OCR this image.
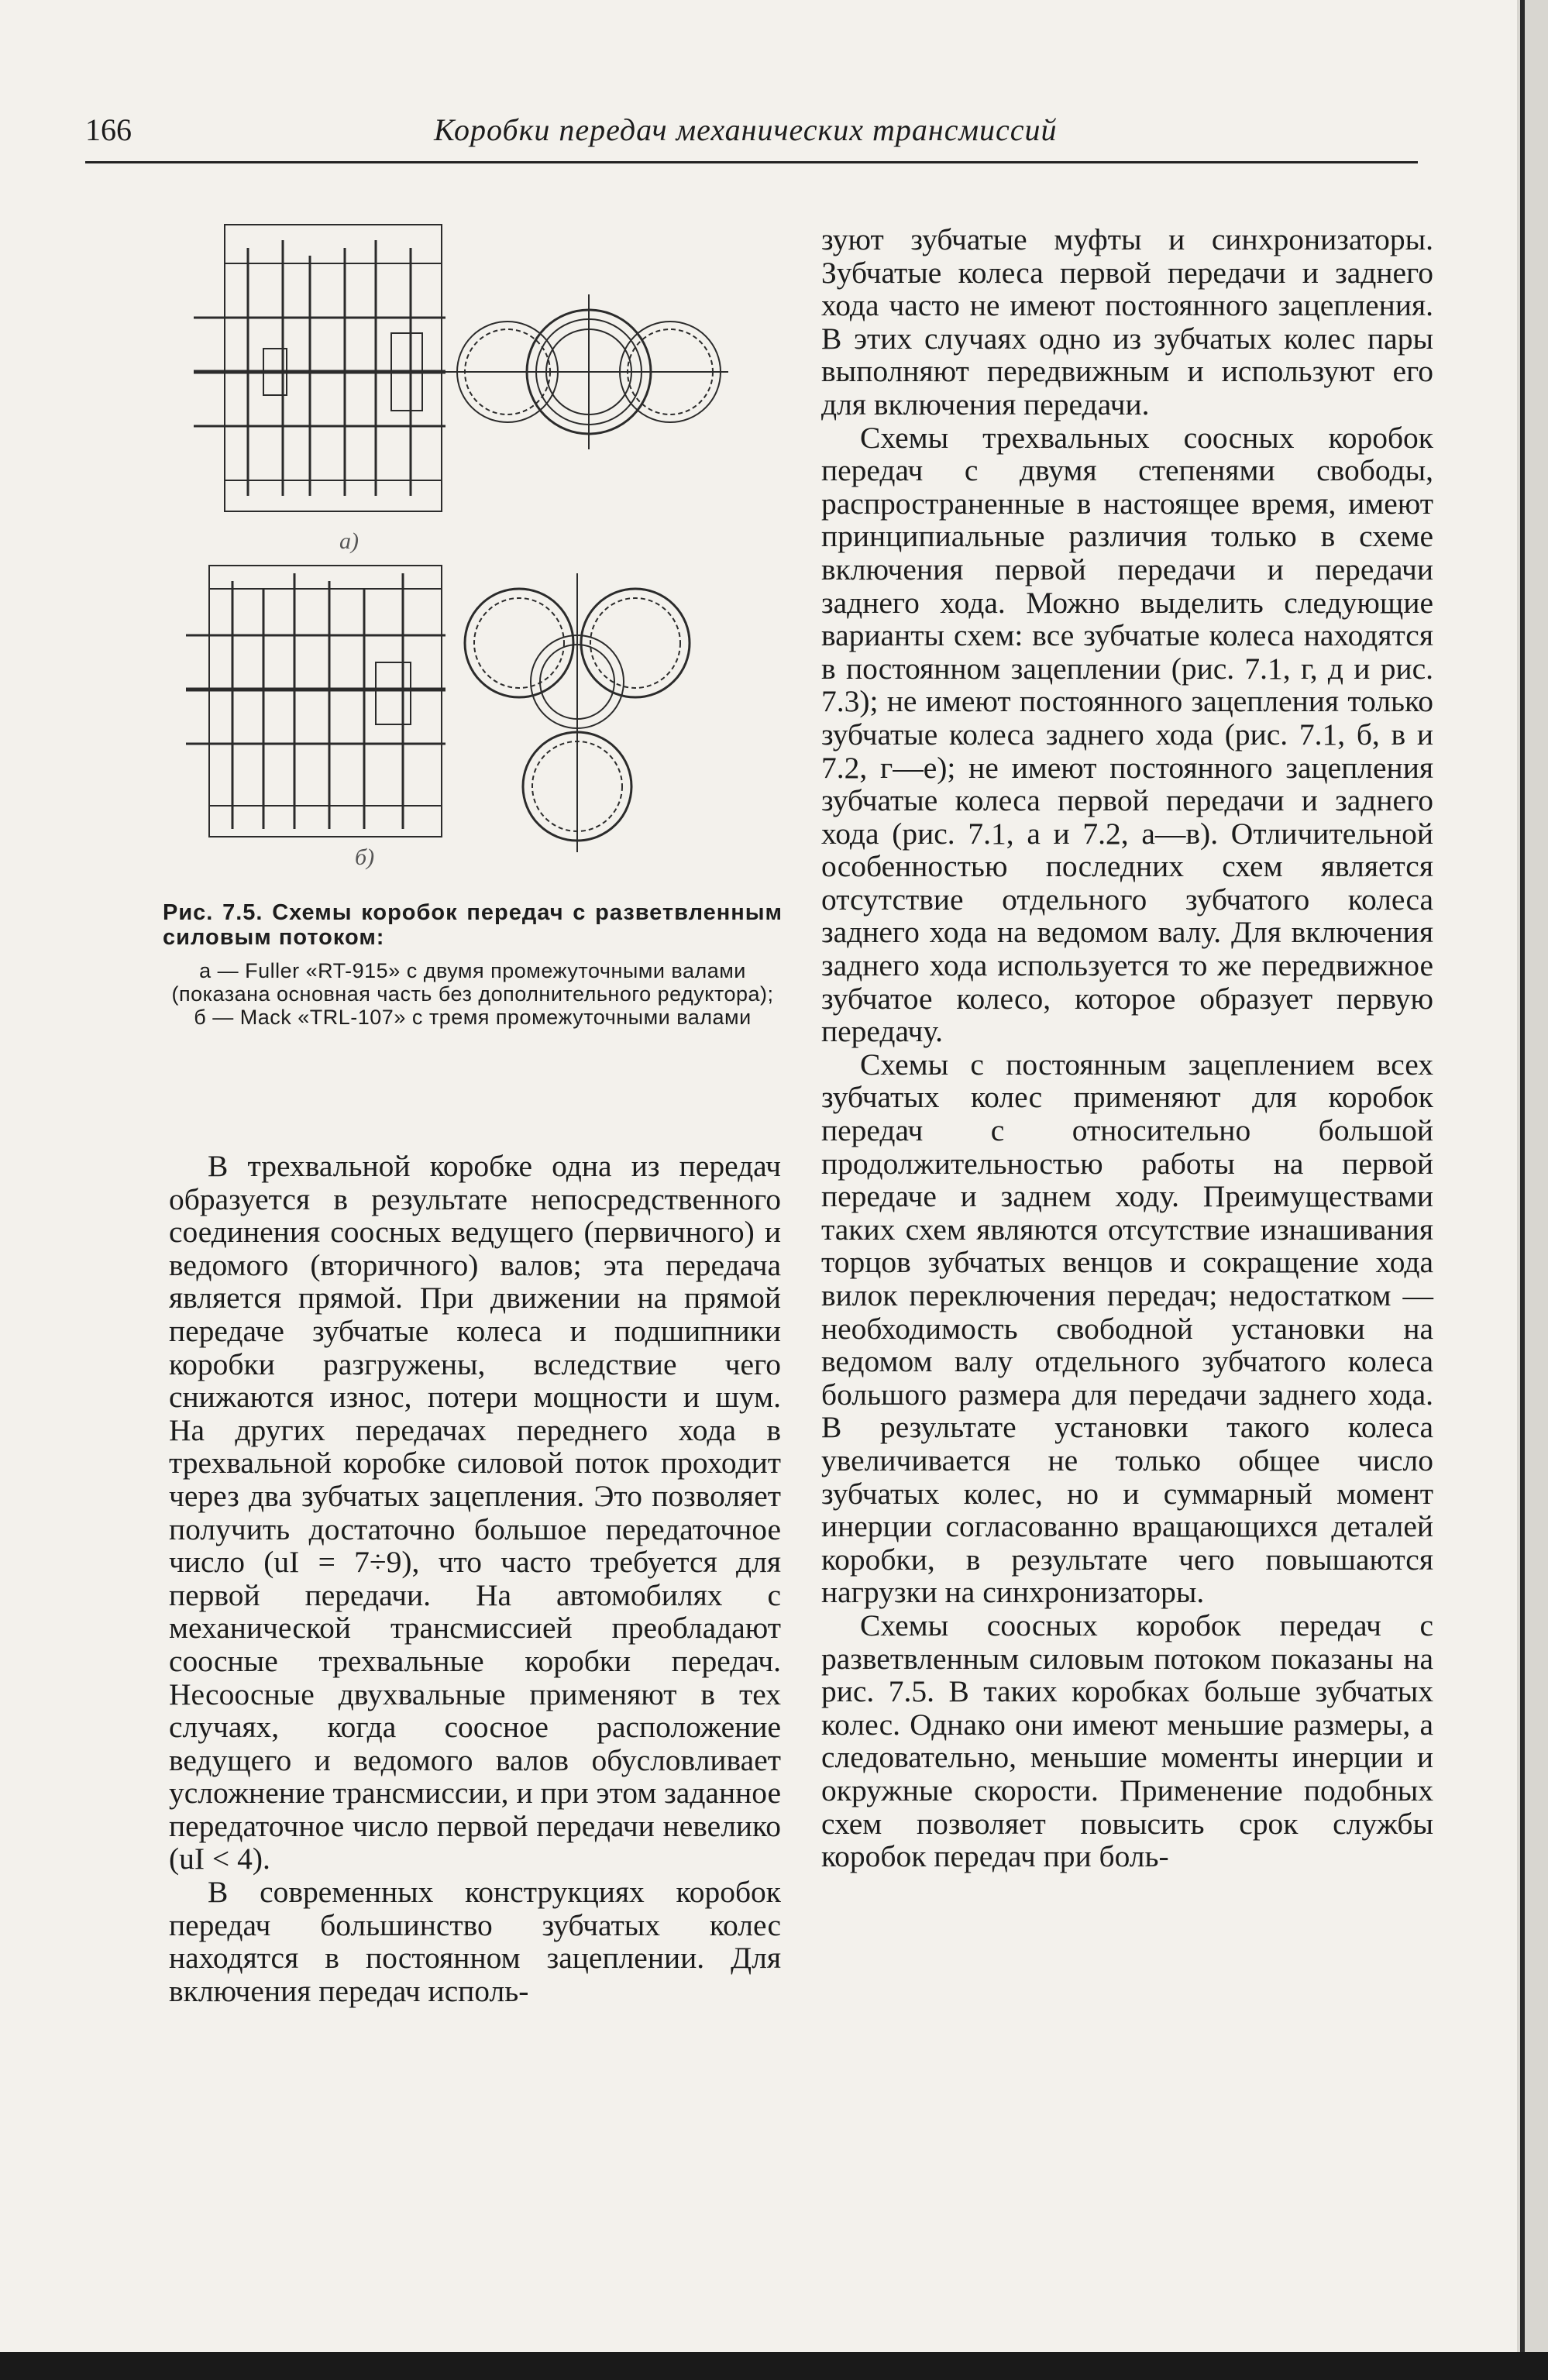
166	Коробки передач механических трансмиссий
а)
б)
Рис. 7.5. Схемы коробок передач с разветвленным силовым потоком:
а — Fuller «RT-915» с двумя промежуточными валами (показана основная часть без дополнительного редуктора); б — Mack «TRL-107» с тремя промежуточными валами

В трехвальной коробке одна из передач образуется в результате непосредственного соединения соосных ведущего (первичного) и ведомого (вторичного) валов; эта передача является прямой. При движении на прямой передаче зубчатые колеса и подшипники коробки разгружены, вследствие чего снижаются износ, потери мощности и шум. На других передачах переднего хода в трехвальной коробке силовой поток проходит через два зубчатых зацепления. Это позволяет получить достаточно большое передаточное число (uI = 7÷9), что часто требуется для первой передачи. На автомобилях с механической трансмиссией преобладают соосные трехвальные коробки передач. Несоосные двухвальные применяют в тех случаях, когда соосное расположение ведущего и ведомого валов обусловливает усложнение трансмиссии, и при этом заданное передаточное число первой передачи невелико (uI < 4).

В современных конструкциях коробок передач большинство зубчатых колес находятся в постоянном зацеплении. Для включения передач исполь-

зуют зубчатые муфты и синхронизаторы. Зубчатые колеса первой передачи и заднего хода часто не имеют постоянного зацепления. В этих случаях одно из зубчатых колес пары выполняют передвижным и используют его для включения передачи.

Схемы трехвальных соосных коробок передач с двумя степенями свободы, распространенные в настоящее время, имеют принципиальные различия только в схеме включения первой передачи и передачи заднего хода. Можно выделить следующие варианты схем: все зубчатые колеса находятся в постоянном зацеплении (рис. 7.1, г, д и рис. 7.3); не имеют постоянного зацепления только зубчатые колеса заднего хода (рис. 7.1, б, в и 7.2, г—е); не имеют постоянного зацепления зубчатые колеса первой передачи и заднего хода (рис. 7.1, а и 7.2, а—в). Отличительной особенностью последних схем является отсутствие отдельного зубчатого колеса заднего хода на ведомом валу. Для включения заднего хода используется то же передвижное зубчатое колесо, которое образует первую передачу.

Схемы с постоянным зацеплением всех зубчатых колес применяют для коробок передач с относительно большой продолжительностью работы на первой передаче и заднем ходу. Преимуществами таких схем являются отсутствие изнашивания торцов зубчатых венцов и сокращение хода вилок переключения передач; недостатком — необходимость свободной установки на ведомом валу отдельного зубчатого колеса большого размера для передачи заднего хода. В результате установки такого колеса увеличивается не только общее число зубчатых колес, но и суммарный момент инерции согласованно вращающихся деталей коробки, в результате чего повышаются нагрузки на синхронизаторы.

Схемы соосных коробок передач с разветвленным силовым потоком показаны на рис. 7.5. В таких коробках больше зубчатых колес. Однако они имеют меньшие размеры, а следовательно, меньшие моменты инерции и окружные скорости. Применение подобных схем позволяет повысить срок службы коробок передач при боль-
